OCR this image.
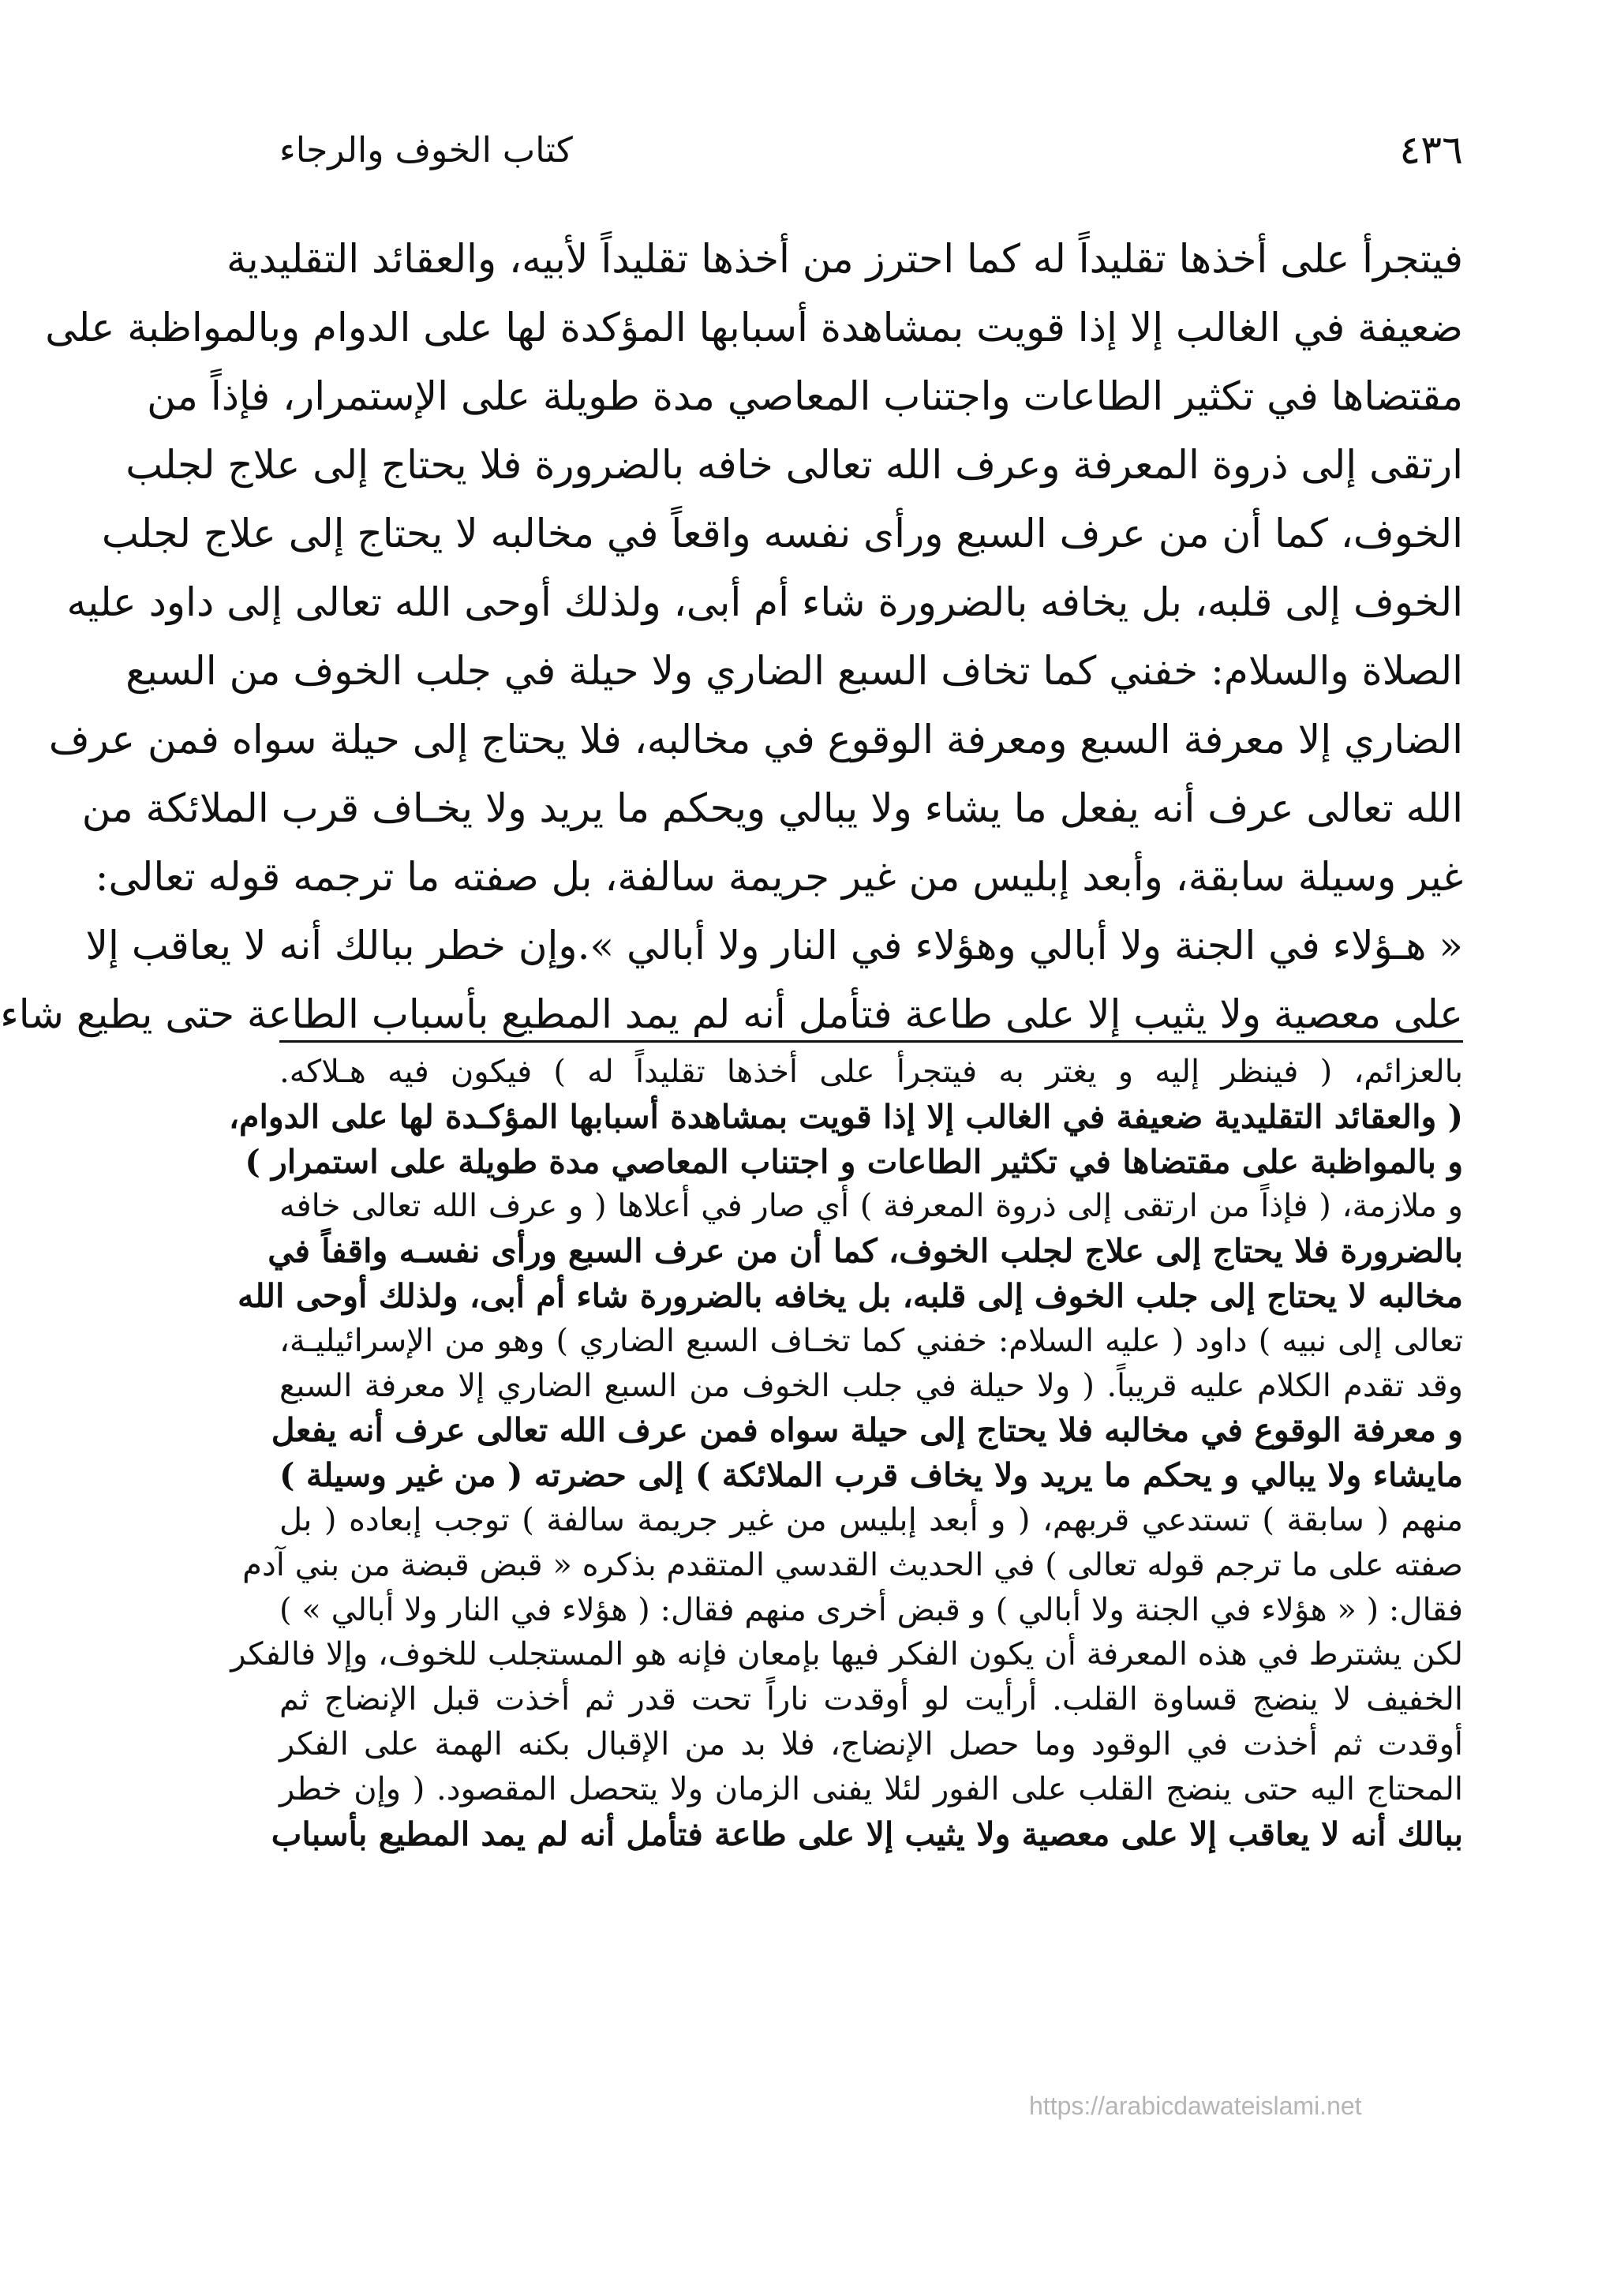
٤٣٦
كتاب الخوف والرجاء
فيتجرأ على أخذها تقليداً له كما احترز من أخذها تقليداً لأبيه، والعقائد التقليدية
ضعيفة في الغالب إلا إذا قويت بمشاهدة أسبابها المؤكدة لها على الدوام وبالمواظبة على
مقتضاها في تكثير الطاعات واجتناب المعاصي مدة طويلة على الإستمرار، فإذاً من
ارتقى إلى ذروة المعرفة وعرف الله تعالى خافه بالضرورة فلا يحتاج إلى علاج لجلب
الخوف، كما أن من عرف السبع ورأى نفسه واقعاً في مخالبه لا يحتاج إلى علاج لجلب
الخوف إلى قلبه، بل يخافه بالضرورة شاء أم أبى، ولذلك أوحى الله تعالى إلى داود عليه
الصلاة والسلام: خفني كما تخاف السبع الضاري ولا حيلة في جلب الخوف من السبع
الضاري إلا معرفة السبع ومعرفة الوقوع في مخالبه، فلا يحتاج إلى حيلة سواه فمن عرف
الله تعالى عرف أنه يفعل ما يشاء ولا يبالي ويحكم ما يريد ولا يخـاف قرب الملائكة من
غير وسيلة سابقة، وأبعد إبليس من غير جريمة سالفة، بل صفته ما ترجمه قوله تعالى:
« هـؤلاء في الجنة ولا أبالي وهؤلاء في النار ولا أبالي ».وإن خطر ببالك أنه لا يعاقب إلا
على معصية ولا يثيب إلا على طاعة فتأمل أنه لم يمد المطيع بأسباب الطاعة حتى يطيع شاء
بالعزائم، ( فينظر إليه و يغتر به فيتجرأ على أخذها تقليداً له ) فيكون فيه هـلاكه.
( والعقائد التقليدية ضعيفة في الغالب إلا إذا قويت بمشاهدة أسبابها المؤكـدة لها على الدوام،
و بالمواظبة على مقتضاها في تكثير الطاعات و اجتناب المعاصي مدة طويلة على استمرار )
و ملازمة، ( فإذاً من ارتقى إلى ذروة المعرفة ) أي صار في أعلاها ( و عرف الله تعالى خافه
بالضرورة فلا يحتاج إلى علاج لجلب الخوف، كما أن من عرف السبع ورأى نفسـه واقفاً في
مخالبه لا يحتاج إلى جلب الخوف إلى قلبه، بل يخافه بالضرورة شاء أم أبى، ولذلك أوحى الله
تعالى إلى نبيه ) داود ( عليه السلام: خفني كما تخـاف السبع الضاري ) وهو من الإسرائيليـة،
وقد تقدم الكلام عليه قريباً. ( ولا حيلة في جلب الخوف من السبع الضاري إلا معرفة السبع
و معرفة الوقوع في مخالبه فلا يحتاج إلى حيلة سواه فمن عرف الله تعالى عرف أنه يفعل
مايشاء ولا يبالي و يحكم ما يريد ولا يخاف قرب الملائكة ) إلى حضرته ( من غير وسيلة )
منهم ( سابقة ) تستدعي قربهم، ( و أبعد إبليس من غير جريمة سالفة ) توجب إبعاده ( بل
صفته على ما ترجم قوله تعالى ) في الحديث القدسي المتقدم بذكره « قبض قبضة من بني آدم
فقال: ( « هؤلاء في الجنة ولا أبالي ) و قبض أخرى منهم فقال: ( هؤلاء في النار ولا أبالي » )
لكن يشترط في هذه المعرفة أن يكون الفكر فيها بإمعان فإنه هو المستجلب للخوف، وإلا فالفكر
الخفيف لا ينضج قساوة القلب. أرأيت لو أوقدت ناراً تحت قدر ثم أخذت قبل الإنضاج ثم
أوقدت ثم أخذت في الوقود وما حصل الإنضاج، فلا بد من الإقبال بكنه الهمة على الفكر
المحتاج اليه حتى ينضج القلب على الفور لئلا يفنى الزمان ولا يتحصل المقصود. ( وإن خطر
ببالك أنه لا يعاقب إلا على معصية ولا يثيب إلا على طاعة فتأمل أنه لم يمد المطيع بأسباب
https://arabicdawateislami.net
